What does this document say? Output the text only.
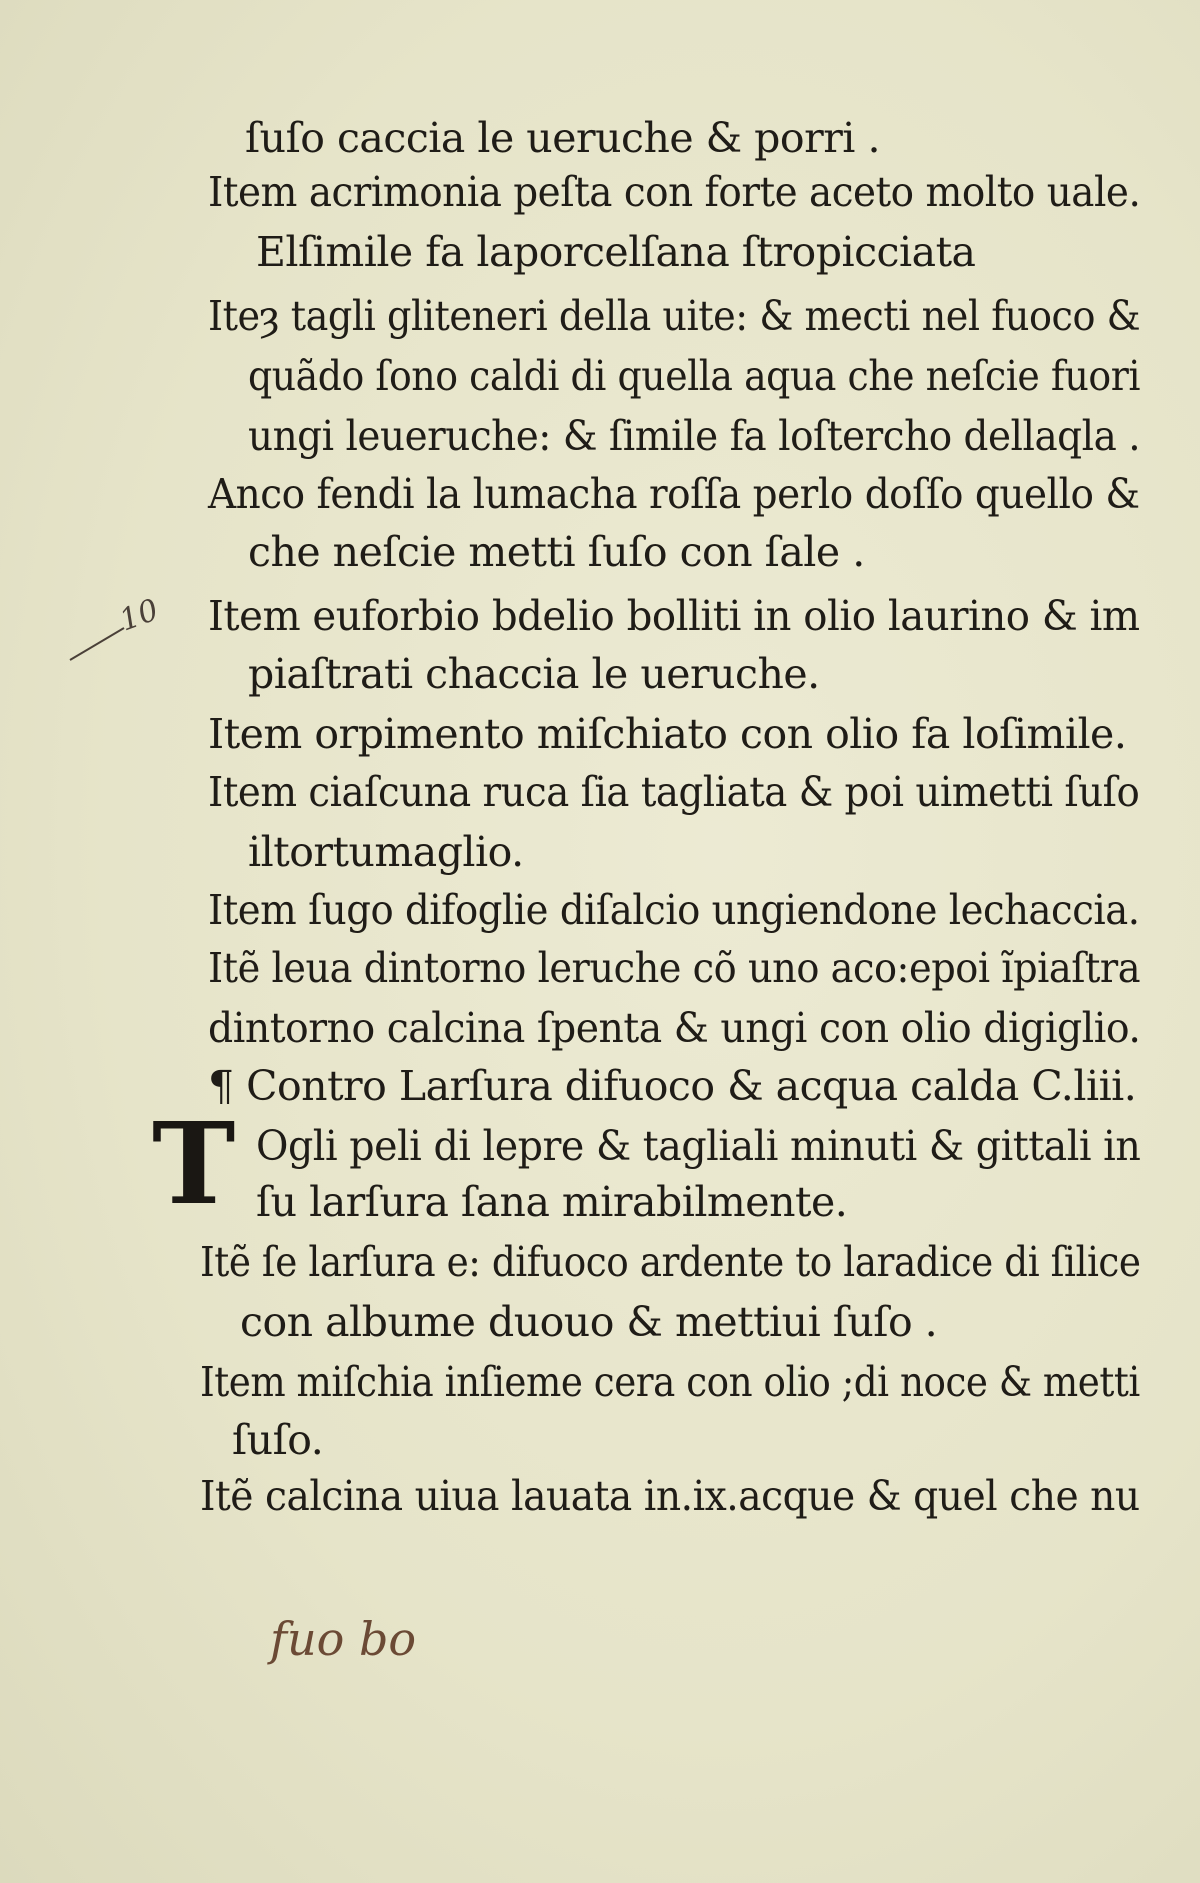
ſuſo caccia le ueruche & porri .
Item acrimonia peſta con forte aceto molto uale.
Elſimile fa laporcelſana ſtropicciata
Iteȝ tagli gliteneri della uite: & mecti nel fuoco &
quãdo ſono caldi di quella aqua che neſcie fuori
ungi leueruche: & ſimile fa loſtercho dellaqla .
Anco fendi la lumacha roſſa perlo doſſo quello &
che neſcie metti ſuſo con ſale .
Item euforbio bdelio bolliti in olio laurino & im
piaſtrati chaccia le ueruche.
Item orpimento miſchiato con olio fa loſimile.
Item ciaſcuna ruca ſia tagliata & poi uimetti ſuſo
iltortumaglio.
Item ſugo difoglie diſalcio ungiendone lechaccia.
Itẽ leua dintorno leruche cõ uno aco:epoi ĩpiaſtra
dintorno calcina ſpenta & ungi con olio digiglio.
¶ Contro Larſura difuoco & acqua calda C.liii.
T Ogli peli di lepre & tagliali minuti & gittali in
ſu larſura ſana mirabilmente.
Itẽ ſe larſura e: difuoco ardente to laradice di ſilice
con albume duouo & mettiui ſuſo .
Item miſchia inſieme cera con olio ;di noce & metti
ſuſo.
Itẽ calcina uiua lauata in.ix.acque & quel che nu
10
fuo bo
